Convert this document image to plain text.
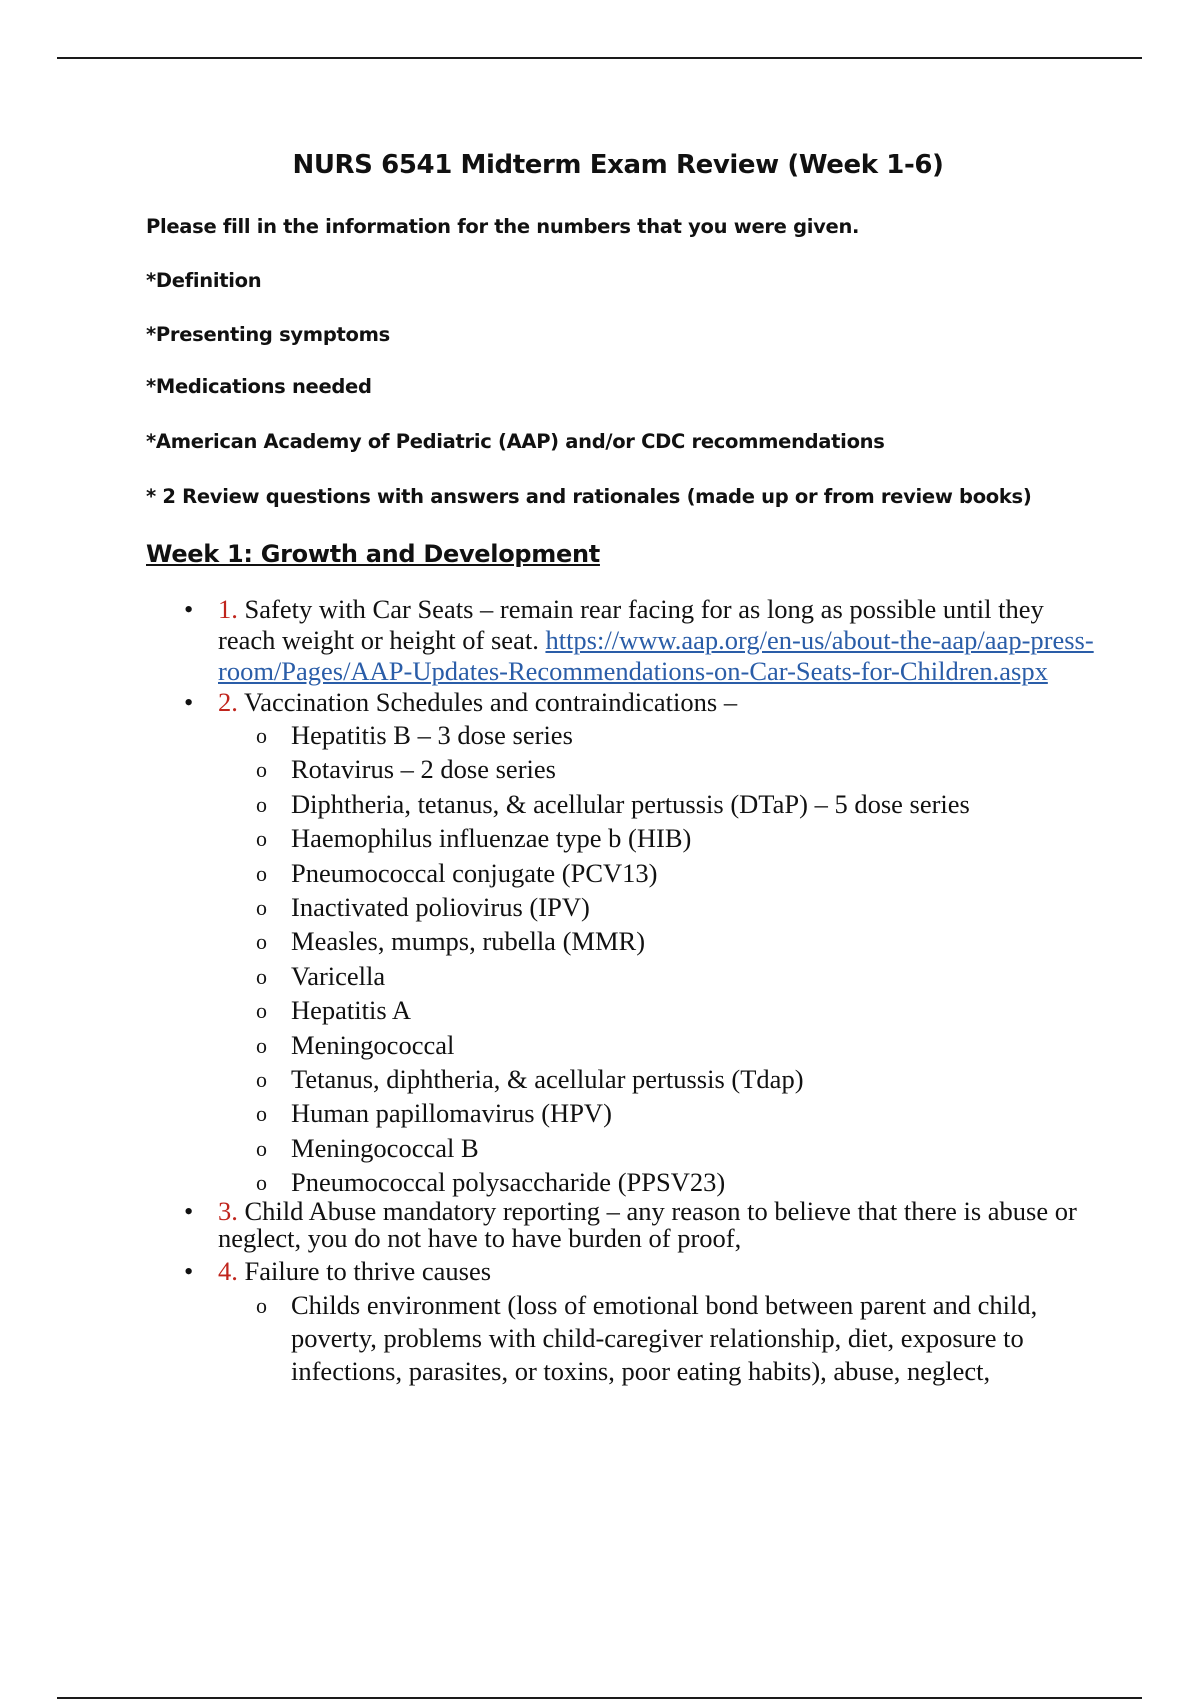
NURS 6541 Midterm Exam Review (Week 1-6)

Please fill in the information for the numbers that you were given.

*Definition

*Presenting symptoms

*Medications needed

*American Academy of Pediatric (AAP) and/or CDC recommendations

* 2 Review questions with answers and rationales (made up or from review books)

Week 1: Growth and Development
• 1. Safety with Car Seats – remain rear facing for as long as possible until they reach weight or height of seat. https://www.aap.org/en-us/about-the-aap/aap-press-room/Pages/AAP-Updates-Recommendations-on-Car-Seats-for-Children.aspx
• 2. Vaccination Schedules and contraindications –
o Hepatitis B – 3 dose series
o Rotavirus – 2 dose series
o Diphtheria, tetanus, & acellular pertussis (DTaP) – 5 dose series
o Haemophilus influenzae type b (HIB)
o Pneumococcal conjugate (PCV13)
o Inactivated poliovirus (IPV)
o Measles, mumps, rubella (MMR)
o Varicella
o Hepatitis A
o Meningococcal
o Tetanus, diphtheria, & acellular pertussis (Tdap)
o Human papillomavirus (HPV)
o Meningococcal B
o Pneumococcal polysaccharide (PPSV23)
• 3. Child Abuse mandatory reporting – any reason to believe that there is abuse or neglect, you do not have to have burden of proof,
• 4. Failure to thrive causes
o Childs environment (loss of emotional bond between parent and child, poverty, problems with child-caregiver relationship, diet, exposure to infections, parasites, or toxins, poor eating habits), abuse, neglect,
